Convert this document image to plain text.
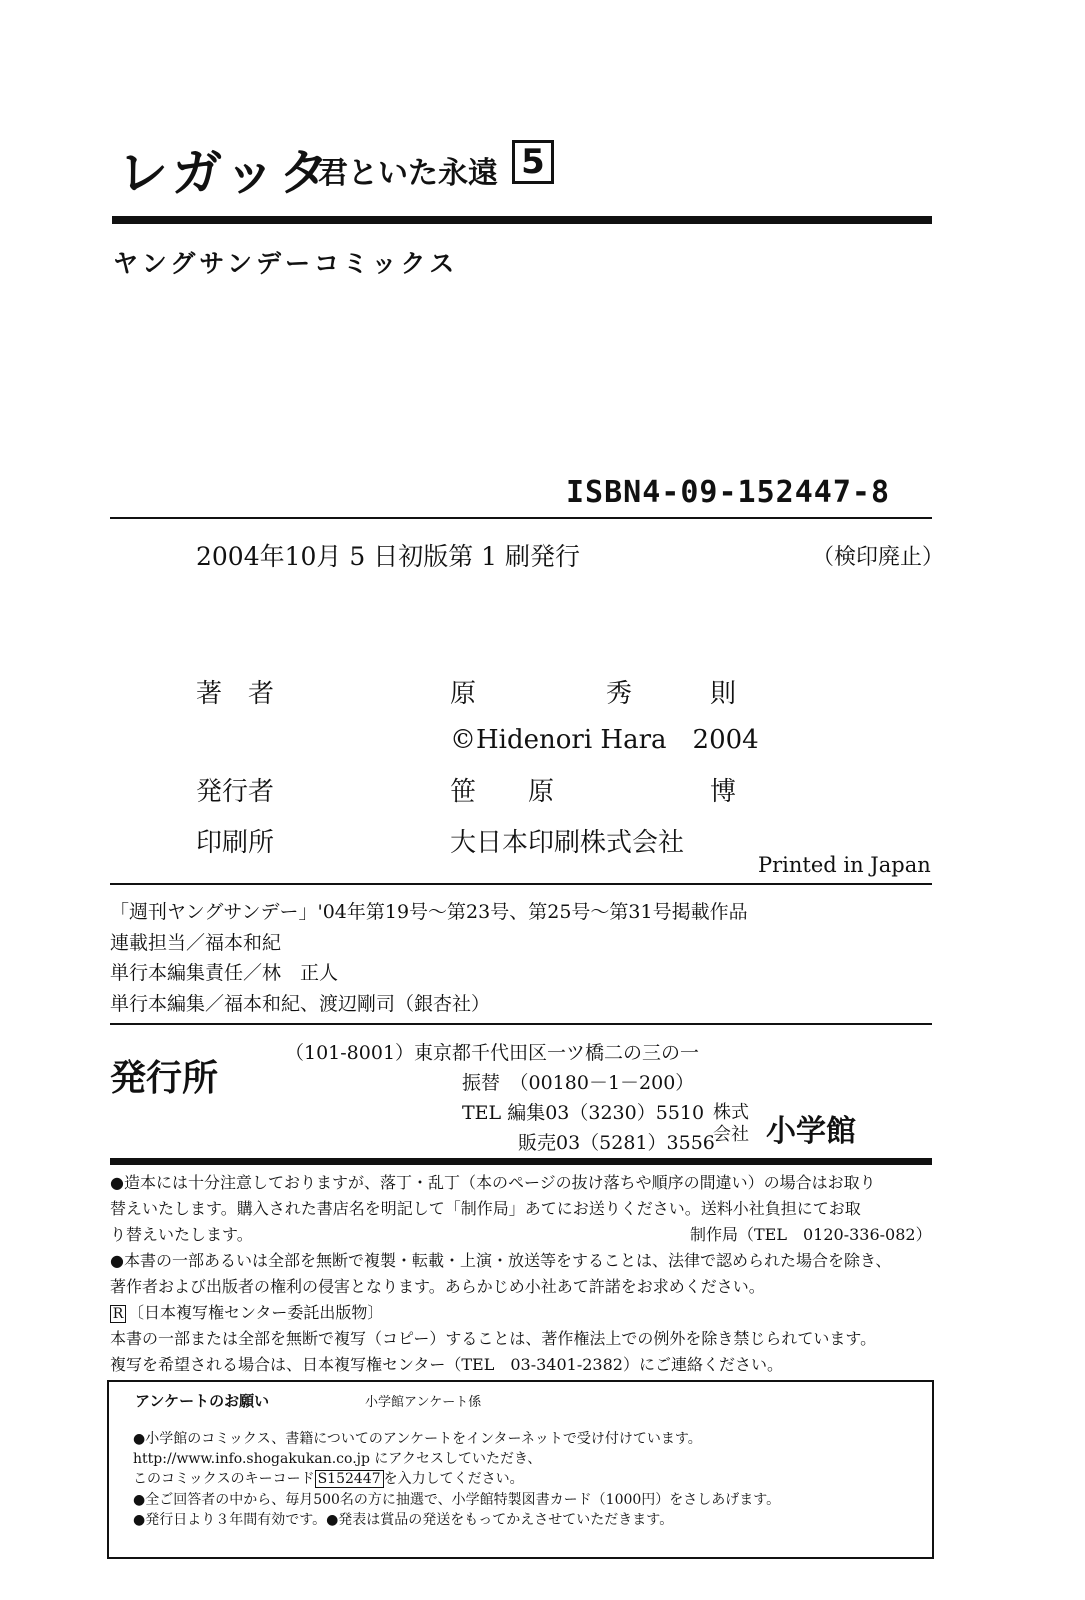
レガッタ
君といた永遠 5
ヤングサンデーコミックス
ISBN4-09-152447-8
2004年10月 5 日初版第 1 刷発行	（検印廃止）
著　者	原　　　　　秀　　　則
©Hidenori Hara　2004
発行者	笹　　原　　　　　　博
印刷所	大日本印刷株式会社
Printed in Japan
「週刊ヤングサンデー」'04年第19号～第23号、第25号～第31号掲載作品
連載担当／福本和紀
単行本編集責任／林　正人
単行本編集／福本和紀、渡辺剛司（銀杏社）
発行所
（101-8001）東京都千代田区一ツ橋二の三の一
振替　（00180－1－200）
TEL 編集03（3230）5510
販売03（5281）3556
株式会社 小学館
●造本には十分注意しておりますが、落丁・乱丁（本のページの抜け落ちや順序の間違い）の場合はお取り
替えいたします。購入された書店名を明記して「制作局」あてにお送りください。送料小社負担にてお取
り替えいたします。	制作局（TEL　0120-336-082）
●本書の一部あるいは全部を無断で複製・転載・上演・放送等をすることは、法律で認められた場合を除き、
著作者および出版者の権利の侵害となります。あらかじめ小社あて許諾をお求めください。
R 〔日本複写権センター委託出版物〕
本書の一部または全部を無断で複写（コピー）することは、著作権法上での例外を除き禁じられています。
複写を希望される場合は、日本複写権センター（TEL　03-3401-2382）にご連絡ください。
アンケートのお願い	小学館アンケート係
●小学館のコミックス、書籍についてのアンケートをインターネットで受け付けています。
http://www.info.shogakukan.co.jp にアクセスしていただき、
このコミックスのキーコード S152447 を入力してください。
●全ご回答者の中から、毎月500名の方に抽選で、小学館特製図書カード（1000円）をさしあげます。
●発行日より３年間有効です。●発表は賞品の発送をもってかえさせていただきます。
